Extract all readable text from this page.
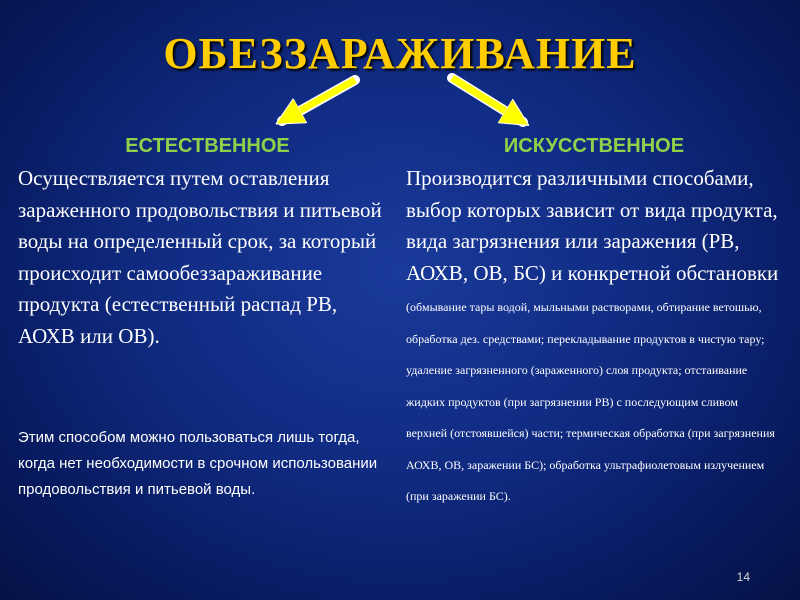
ОБЕЗЗАРАЖИВАНИЕ
ЕСТЕСТВЕННОЕ	ИСКУССТВЕННОЕ
Осуществляется путем оставления зараженного продовольствия и питьевой воды на определенный срок, за который происходит самообеззараживание продукта (естественный распад РВ, АОХВ или ОВ).
Этим способом можно пользоваться лишь тогда, когда нет необходимости в срочном использовании продовольствия и питьевой воды.
Производится различными способами, выбор которых зависит от вида продукта, вида загрязнения или заражения (РВ, АОХВ, ОВ, БС) и конкретной обстановки (обмывание тары водой, мыльными растворами, обтирание ветошью, обработка дез. средствами; перекладывание продуктов в чистую тару; удаление загрязненного (зараженного) слоя продукта; отстаивание жидких продуктов (при загрязнении РВ) с последующим сливом верхней (отстоявшейся) части; термическая обработка (при загрязнения АОХВ, ОВ, заражении БС); обработка ультрафиолетовым излучением (при заражении БС).
14
